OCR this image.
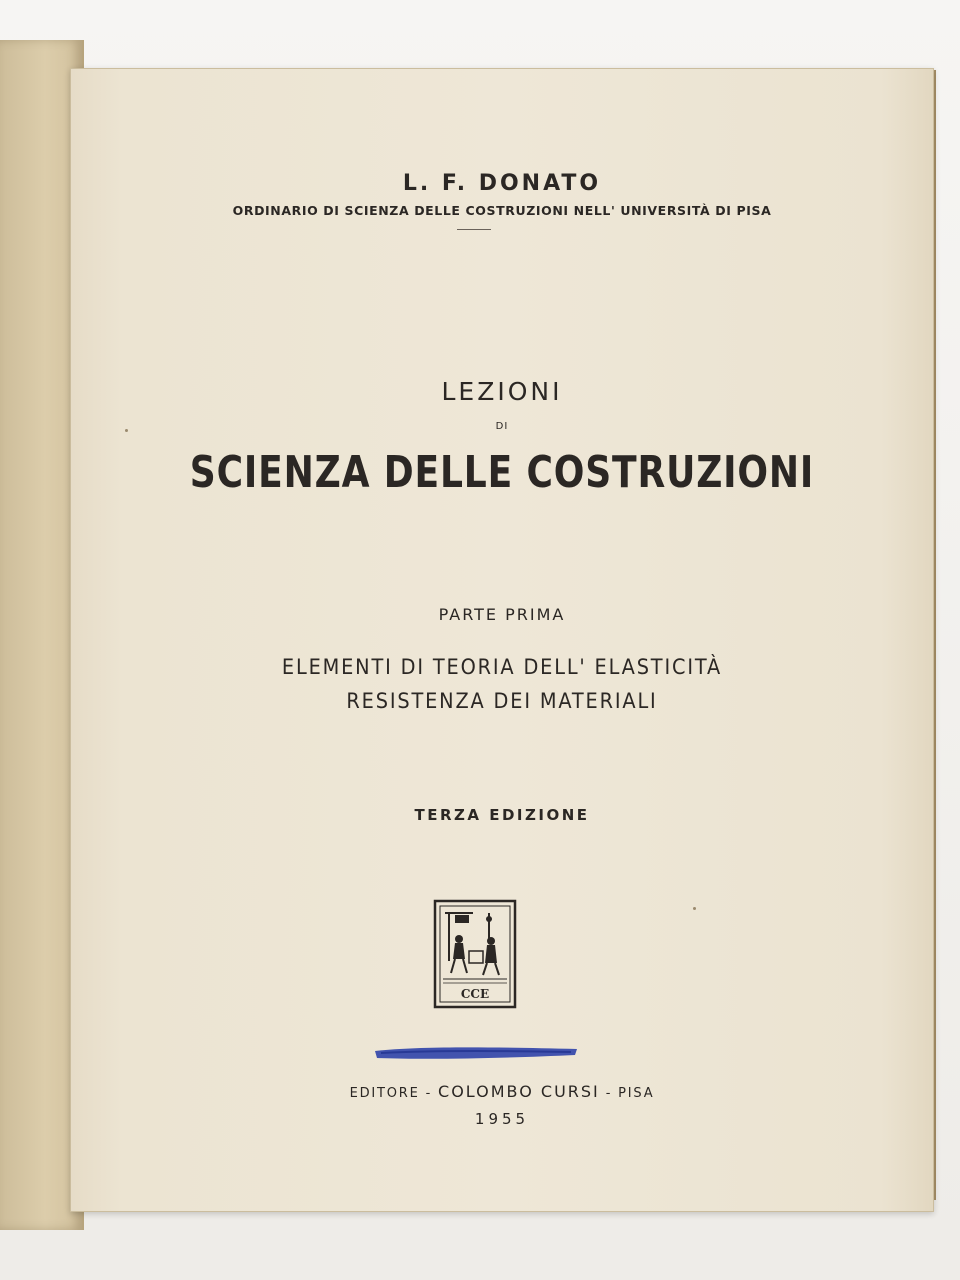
L. F. DONATO

ORDINARIO DI SCIENZA DELLE COSTRUZIONI NELL' UNIVERSITÀ DI PISA

LEZIONI

DI

SCIENZA DELLE COSTRUZIONI

PARTE PRIMA

ELEMENTI DI TEORIA DELL' ELASTICITÀ

RESISTENZA DEI MATERIALI

TERZA EDIZIONE

CCE

EDITORE - COLOMBO CURSI - PISA

1955
